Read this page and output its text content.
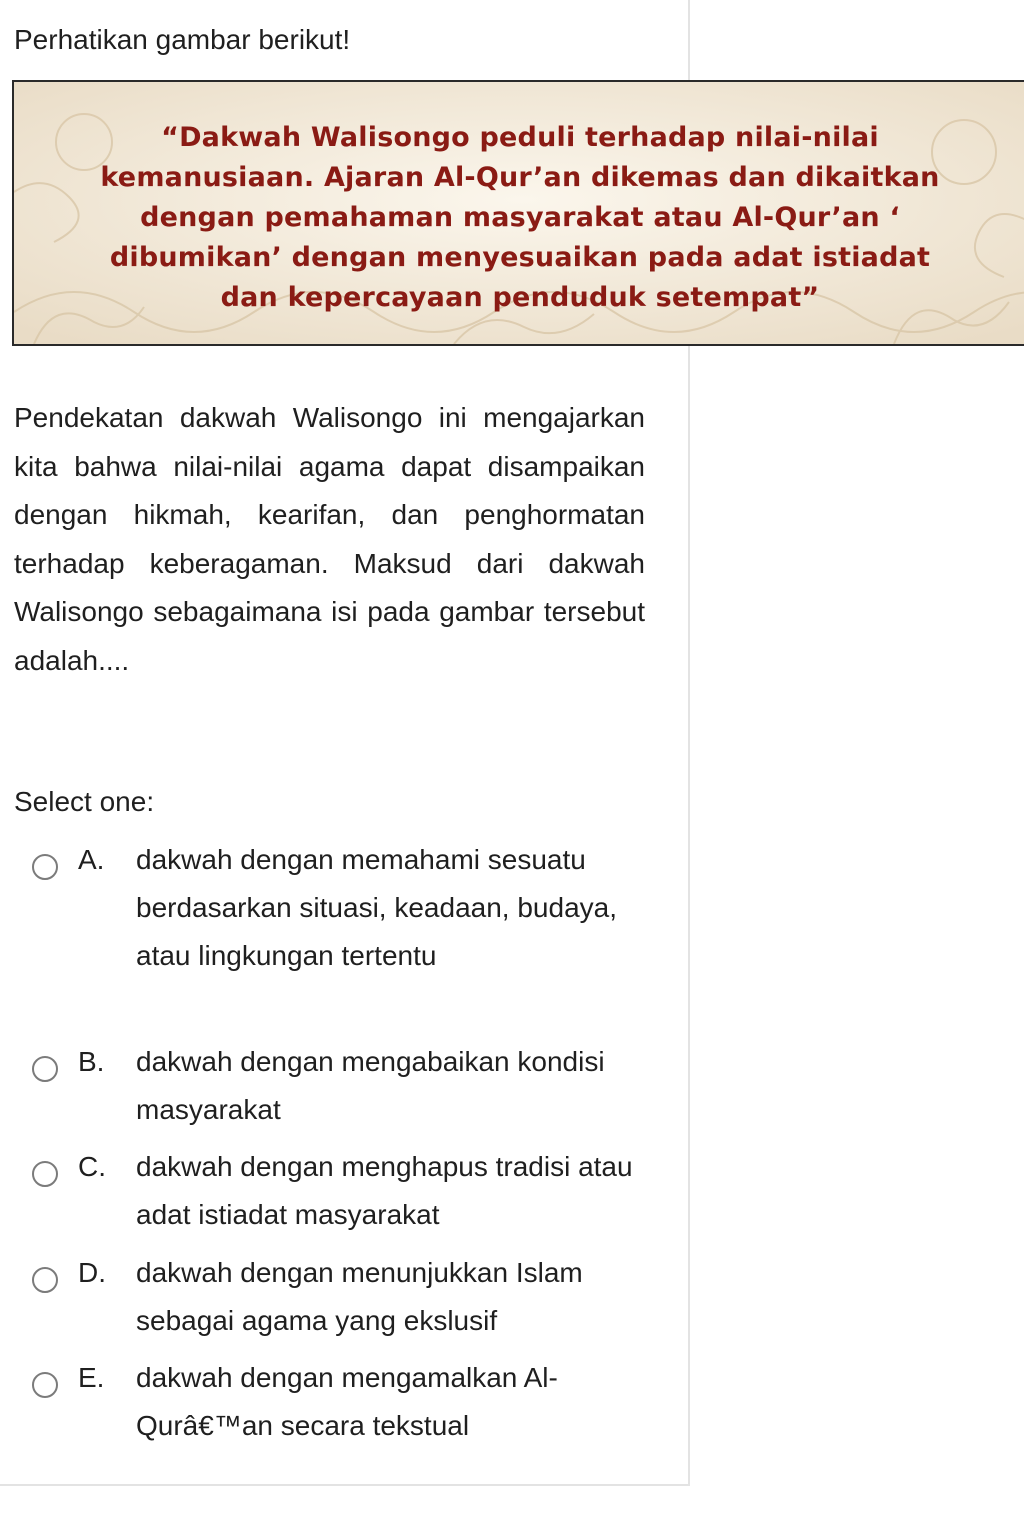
Perhatikan gambar berikut!

“Dakwah Walisongo peduli terhadap nilai-nilai
kemanusiaan. Ajaran Al-Qur’an dikemas dan dikaitkan
dengan pemahaman masyarakat atau Al-Qur’an ‘
dibumikan’ dengan menyesuaikan pada adat istiadat
dan kepercayaan penduduk setempat”

Pendekatan dakwah Walisongo ini mengajarkan kita bahwa nilai-nilai agama dapat disampaikan dengan hikmah, kearifan, dan penghormatan terhadap keberagaman. Maksud dari dakwah Walisongo sebagaimana isi pada gambar tersebut adalah....

Select one:

A. dakwah dengan memahami sesuatu berdasarkan situasi, keadaan, budaya, atau lingkungan tertentu
B. dakwah dengan mengabaikan kondisi masyarakat
C. dakwah dengan menghapus tradisi atau adat istiadat masyarakat
D. dakwah dengan menunjukkan Islam sebagai agama yang ekslusif
E. dakwah dengan mengamalkan Al-Qurâ€™an secara tekstual
